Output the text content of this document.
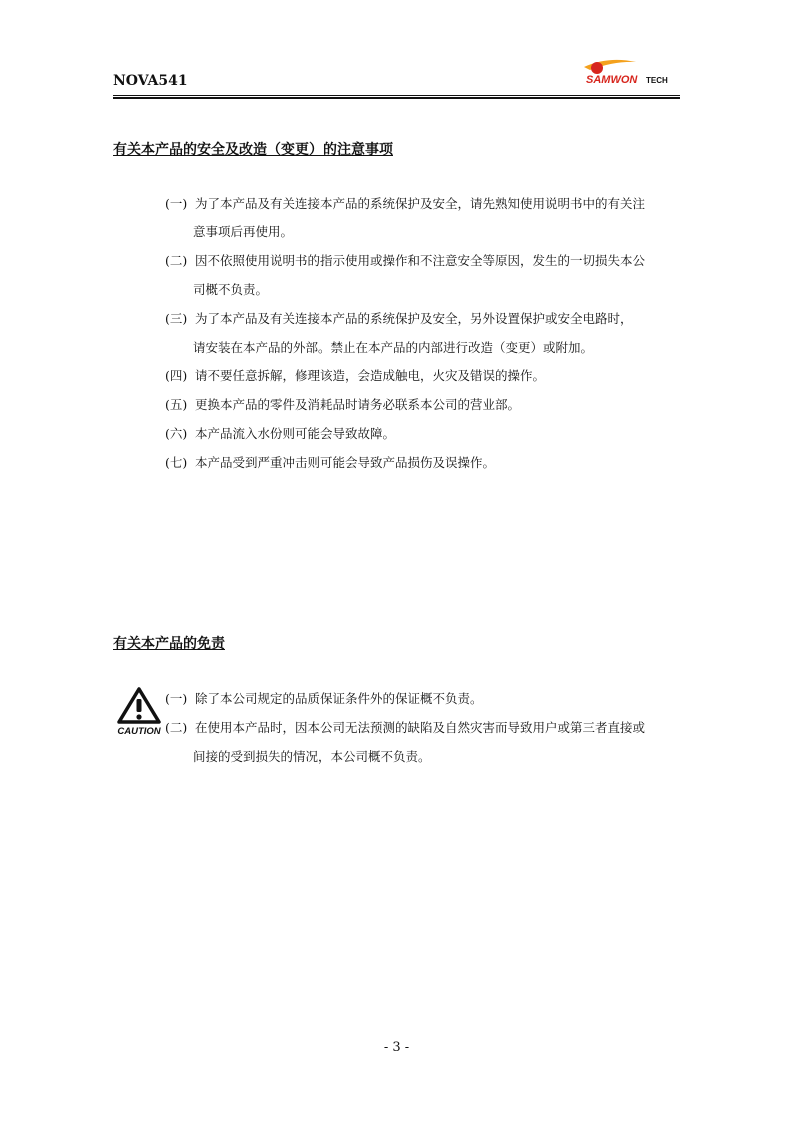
NOVA541	SAMWON TECH
有关本产品的安全及改造（变更）的注意事项
(一) 为了本产品及有关连接本产品的系统保护及安全，请先熟知使用说明书中的有关注
意事项后再使用。
(二) 因不依照使用说明书的指示使用或操作和不注意安全等原因，发生的一切损失本公
司概不负责。
(三) 为了本产品及有关连接本产品的系统保护及安全，另外设置保护或安全电路时，
请安装在本产品的外部。禁止在本产品的内部进行改造（变更）或附加。
(四) 请不要任意拆解，修理该造，会造成触电，火灾及错误的操作。
(五) 更换本产品的零件及消耗品时请务必联系本公司的营业部。
(六) 本产品流入水份则可能会导致故障。
(七) 本产品受到严重冲击则可能会导致产品损伤及误操作。
有关本产品的免责
CAUTION
(一) 除了本公司规定的品质保证条件外的保证概不负责。
(二) 在使用本产品时，因本公司无法预测的缺陷及自然灾害而导致用户或第三者直接或
间接的受到损失的情况，本公司概不负责。
- 3 -
